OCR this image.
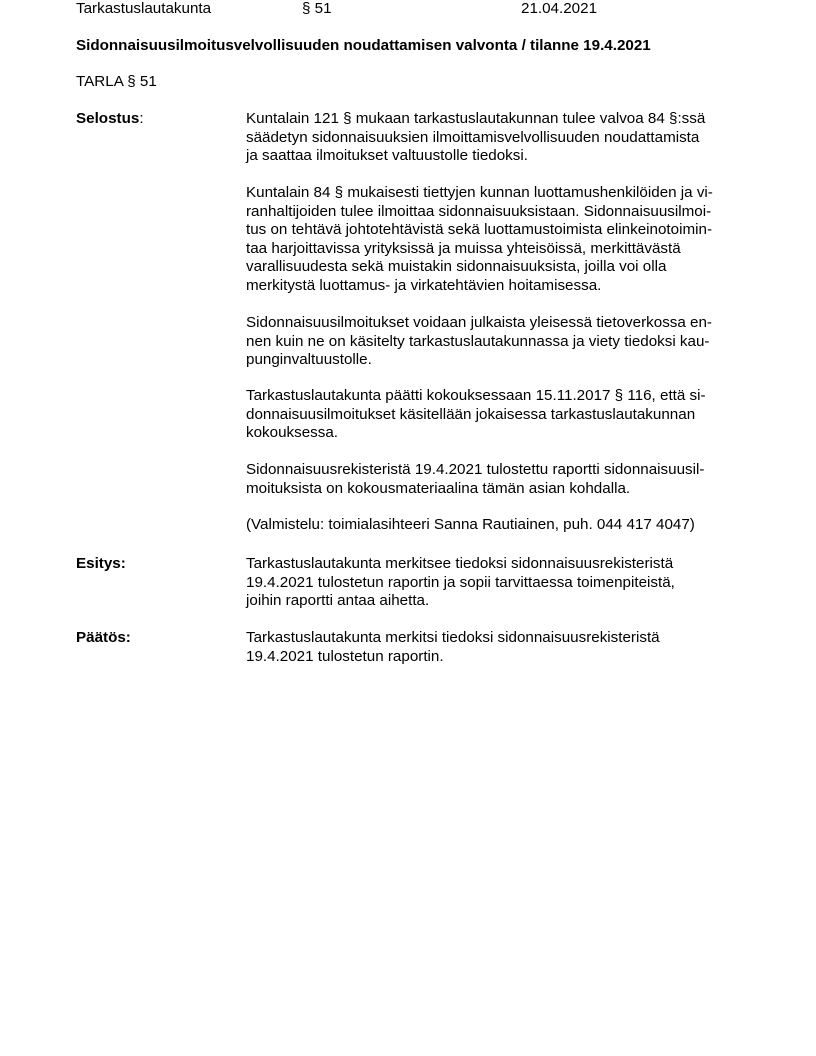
Tarkastuslautakunta	§ 51	21.04.2021
Sidonnaisuusilmoitusvelvollisuuden noudattamisen valvonta / tilanne 19.4.2021
TARLA § 51
Selostus:	Kuntalain 121 § mukaan tarkastuslautakunnan tulee valvoa 84 §:ssä
säädetyn sidonnaisuuksien ilmoittamisvelvollisuuden noudattamista
ja saattaa ilmoitukset valtuustolle tiedoksi.
Kuntalain 84 § mukaisesti tiettyjen kunnan luottamushenkilöiden ja vi-
ranhaltijoiden tulee ilmoittaa sidonnaisuuksistaan. Sidonnaisuusilmoi-
tus on tehtävä johtotehtävistä sekä luottamustoimista elinkeinotoimin-
taa harjoittavissa yrityksissä ja muissa yhteisöissä, merkittävästä
varallisuudesta sekä muistakin sidonnaisuuksista, joilla voi olla
merkitystä luottamus- ja virkatehtävien hoitamisessa.
Sidonnaisuusilmoitukset voidaan julkaista yleisessä tietoverkossa en-
nen kuin ne on käsitelty tarkastuslautakunnassa ja viety tiedoksi kau-
punginvaltuustolle.
Tarkastuslautakunta päätti kokouksessaan 15.11.2017 § 116, että si-
donnaisuusilmoitukset käsitellään jokaisessa tarkastuslautakunnan
kokouksessa.
Sidonnaisuusrekisteristä 19.4.2021 tulostettu raportti sidonnaisuusil-
moituksista on kokousmateriaalina tämän asian kohdalla.
(Valmistelu: toimialasihteeri Sanna Rautiainen, puh. 044 417 4047)
Esitys:	Tarkastuslautakunta merkitsee tiedoksi sidonnaisuusrekisteristä
19.4.2021 tulostetun raportin ja sopii tarvittaessa toimenpiteistä,
joihin raportti antaa aihetta.
Päätös:	Tarkastuslautakunta merkitsi tiedoksi sidonnaisuusrekisteristä
19.4.2021 tulostetun raportin.
